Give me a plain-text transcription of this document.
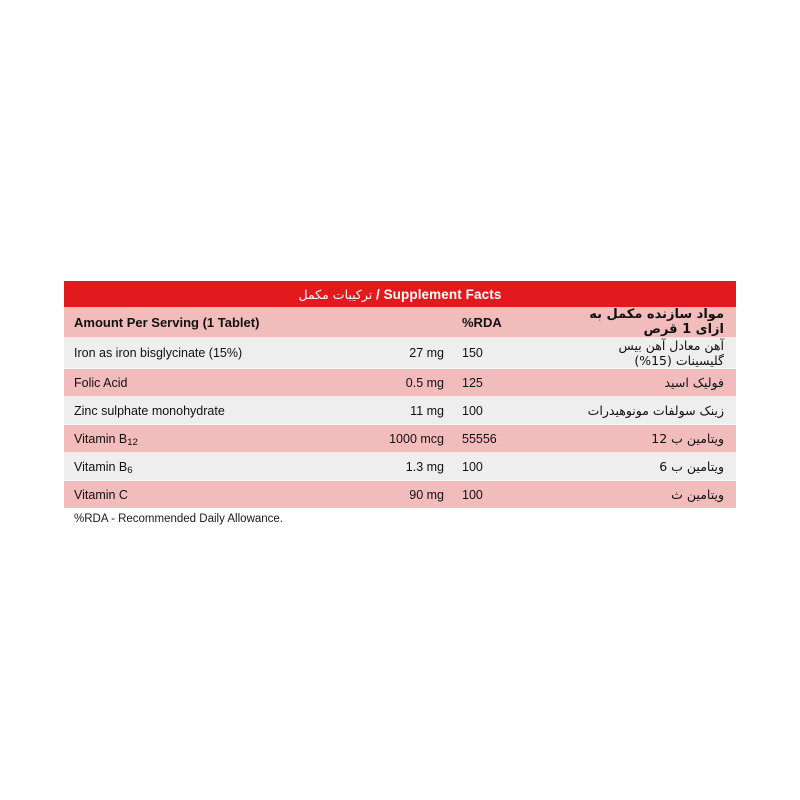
ترکیبات مکمل / Supplement Facts
Amount Per Serving (1 Tablet)		%RDA	مواد سازنده مکمل به ازای 1 قرص
Iron as iron bisglycinate (15%)	27 mg	150	آهن معادل آهن بیس گلیسینات (15%)
Folic Acid	0.5 mg	125	فولیک اسید
Zinc sulphate monohydrate	11 mg	100	زینک سولفات مونوهیدرات
Vitamin $B_{12}$	1000 mcg	55556	ویتامین ب 12
Vitamin $B_6$	1.3 mg	100	ویتامین ب 6
Vitamin C	90 mg	100	ویتامین ث
%RDA - Recommended Daily Allowance.
